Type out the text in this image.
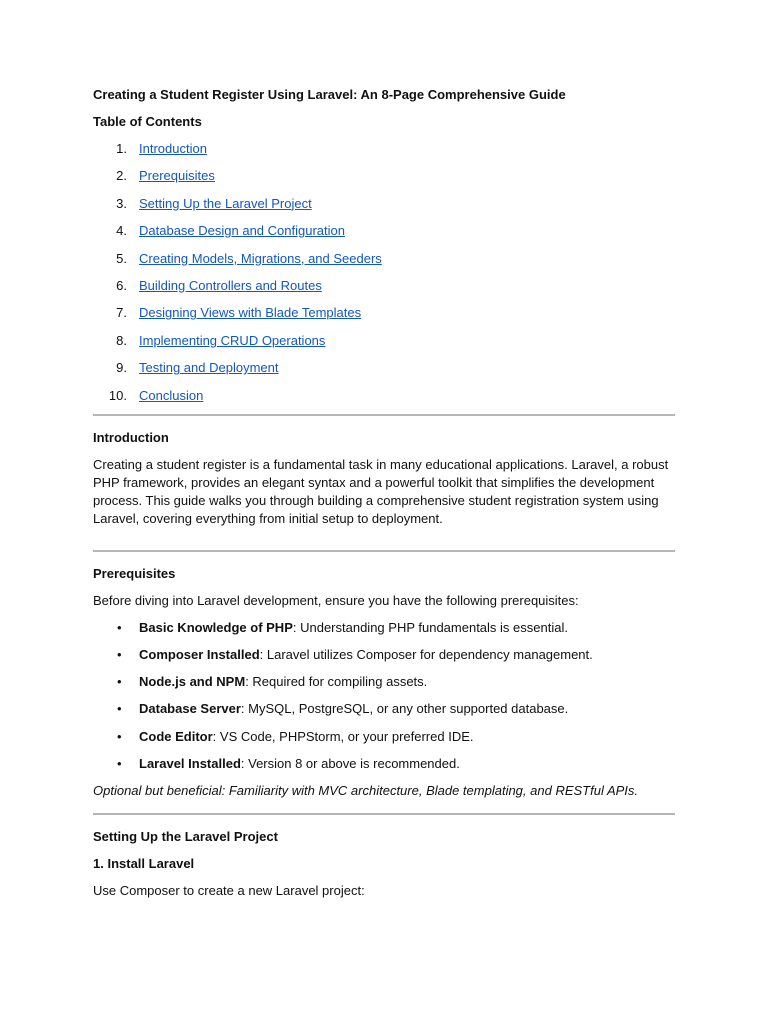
Creating a Student Register Using Laravel: An 8-Page Comprehensive Guide
Table of Contents
1. Introduction
2. Prerequisites
3. Setting Up the Laravel Project
4. Database Design and Configuration
5. Creating Models, Migrations, and Seeders
6. Building Controllers and Routes
7. Designing Views with Blade Templates
8. Implementing CRUD Operations
9. Testing and Deployment
10. Conclusion
Introduction

Creating a student register is a fundamental task in many educational applications. Laravel, a robust
PHP framework, provides an elegant syntax and a powerful toolkit that simplifies the development
process. This guide walks you through building a comprehensive student registration system using
Laravel, covering everything from initial setup to deployment.

Prerequisites

Before diving into Laravel development, ensure you have the following prerequisites:

• Basic Knowledge of PHP: Understanding PHP fundamentals is essential.
• Composer Installed: Laravel utilizes Composer for dependency management.
• Node.js and NPM: Required for compiling assets.
• Database Server: MySQL, PostgreSQL, or any other supported database.
• Code Editor: VS Code, PHPStorm, or your preferred IDE.
• Laravel Installed: Version 8 or above is recommended.

Optional but beneficial: Familiarity with MVC architecture, Blade templating, and RESTful APIs.

Setting Up the Laravel Project
1. Install Laravel

Use Composer to create a new Laravel project:
